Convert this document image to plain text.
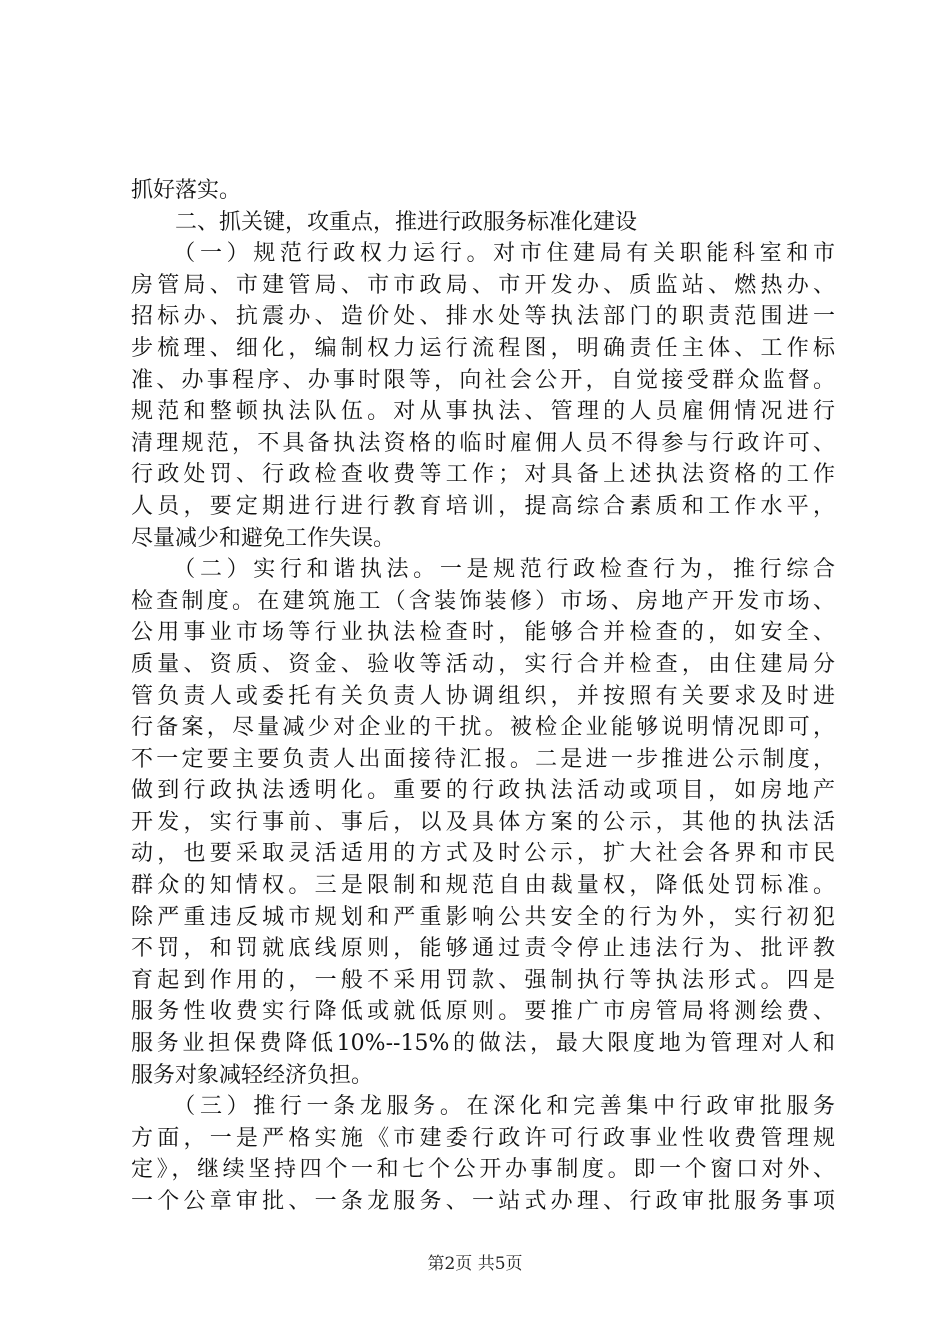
抓好落实。
　　二、抓关键，攻重点，推进行政服务标准化建设
　　（一）规范行政权力运行。对市住建局有关职能科室和市
房管局、市建管局、市市政局、市开发办、质监站、燃热办、
招标办、抗震办、造价处、排水处等执法部门的职责范围进一
步梳理、细化，编制权力运行流程图，明确责任主体、工作标
准、办事程序、办事时限等，向社会公开，自觉接受群众监督。
规范和整顿执法队伍。对从事执法、管理的人员雇佣情况进行
清理规范，不具备执法资格的临时雇佣人员不得参与行政许可、
行政处罚、行政检查收费等工作；对具备上述执法资格的工作
人员，要定期进行进行教育培训，提高综合素质和工作水平，
尽量减少和避免工作失误。
　　（二）实行和谐执法。一是规范行政检查行为，推行综合
检查制度。在建筑施工（含装饰装修）市场、房地产开发市场、
公用事业市场等行业执法检查时，能够合并检查的，如安全、
质量、资质、资金、验收等活动，实行合并检查，由住建局分
管负责人或委托有关负责人协调组织，并按照有关要求及时进
行备案，尽量减少对企业的干扰。被检企业能够说明情况即可，
不一定要主要负责人出面接待汇报。二是进一步推进公示制度，
做到行政执法透明化。重要的行政执法活动或项目，如房地产
开发，实行事前、事后，以及具体方案的公示，其他的执法活
动，也要采取灵活适用的方式及时公示，扩大社会各界和市民
群众的知情权。三是限制和规范自由裁量权，降低处罚标准。
除严重违反城市规划和严重影响公共安全的行为外，实行初犯
不罚，和罚就底线原则，能够通过责令停止违法行为、批评教
育起到作用的，一般不采用罚款、强制执行等执法形式。四是
服务性收费实行降低或就低原则。要推广市房管局将测绘费、
服务业担保费降低10%--15%的做法，最大限度地为管理对人和
服务对象减轻经济负担。
　　（三）推行一条龙服务。在深化和完善集中行政审批服务
方面，一是严格实施《市建委行政许可行政事业性收费管理规
定》，继续坚持四个一和七个公开办事制度。即一个窗口对外、
一个公章审批、一条龙服务、一站式办理、行政审批服务事项
第2页 共5页
